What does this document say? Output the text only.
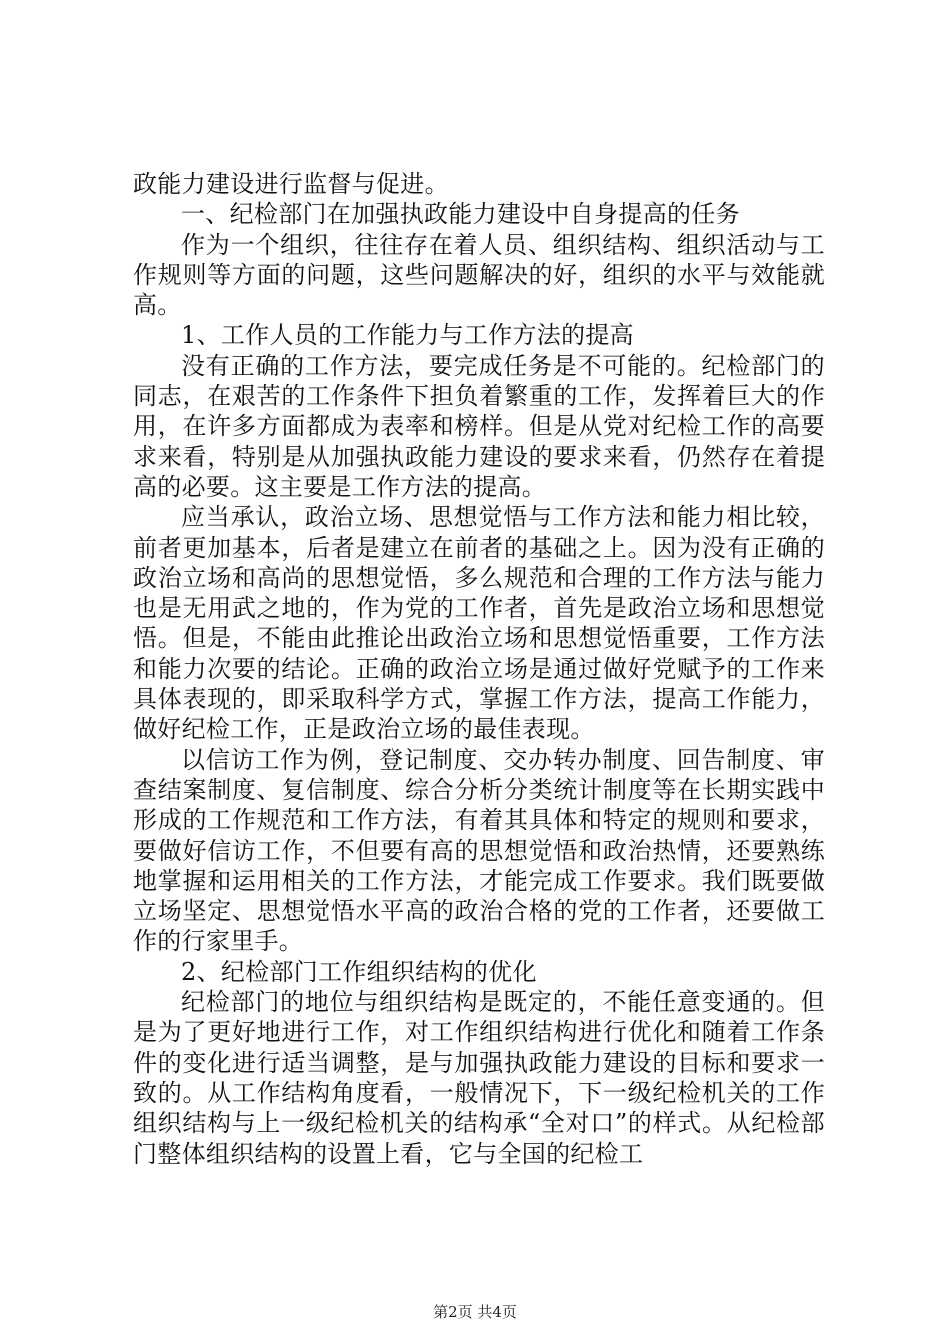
政能力建设进行监督与促进。

一、纪检部门在加强执政能力建设中自身提高的任务

作为一个组织，往往存在着人员、组织结构、组织活动与工作规则等方面的问题，这些问题解决的好，组织的水平与效能就高。

1、工作人员的工作能力与工作方法的提高

没有正确的工作方法，要完成任务是不可能的。纪检部门的同志，在艰苦的工作条件下担负着繁重的工作，发挥着巨大的作用，在许多方面都成为表率和榜样。但是从党对纪检工作的高要求来看，特别是从加强执政能力建设的要求来看，仍然存在着提高的必要。这主要是工作方法的提高。

应当承认，政治立场、思想觉悟与工作方法和能力相比较，前者更加基本，后者是建立在前者的基础之上。因为没有正确的政治立场和高尚的思想觉悟，多么规范和合理的工作方法与能力也是无用武之地的，作为党的工作者，首先是政治立场和思想觉悟。但是，不能由此推论出政治立场和思想觉悟重要，工作方法和能力次要的结论。正确的政治立场是通过做好党赋予的工作来具体表现的，即采取科学方式，掌握工作方法，提高工作能力，做好纪检工作，正是政治立场的最佳表现。

以信访工作为例，登记制度、交办转办制度、回告制度、审查结案制度、复信制度、综合分析分类统计制度等在长期实践中形成的工作规范和工作方法，有着其具体和特定的规则和要求，要做好信访工作，不但要有高的思想觉悟和政治热情，还要熟练地掌握和运用相关的工作方法，才能完成工作要求。我们既要做立场坚定、思想觉悟水平高的政治合格的党的工作者，还要做工作的行家里手。

2、纪检部门工作组织结构的优化

纪检部门的地位与组织结构是既定的，不能任意变通的。但是为了更好地进行工作，对工作组织结构进行优化和随着工作条件的变化进行适当调整，是与加强执政能力建设的目标和要求一致的。从工作结构角度看，一般情况下，下一级纪检机关的工作组织结构与上一级纪检机关的结构承“全对口”的样式。从纪检部门整体组织结构的设置上看，它与全国的纪检工

第2页 共4页
